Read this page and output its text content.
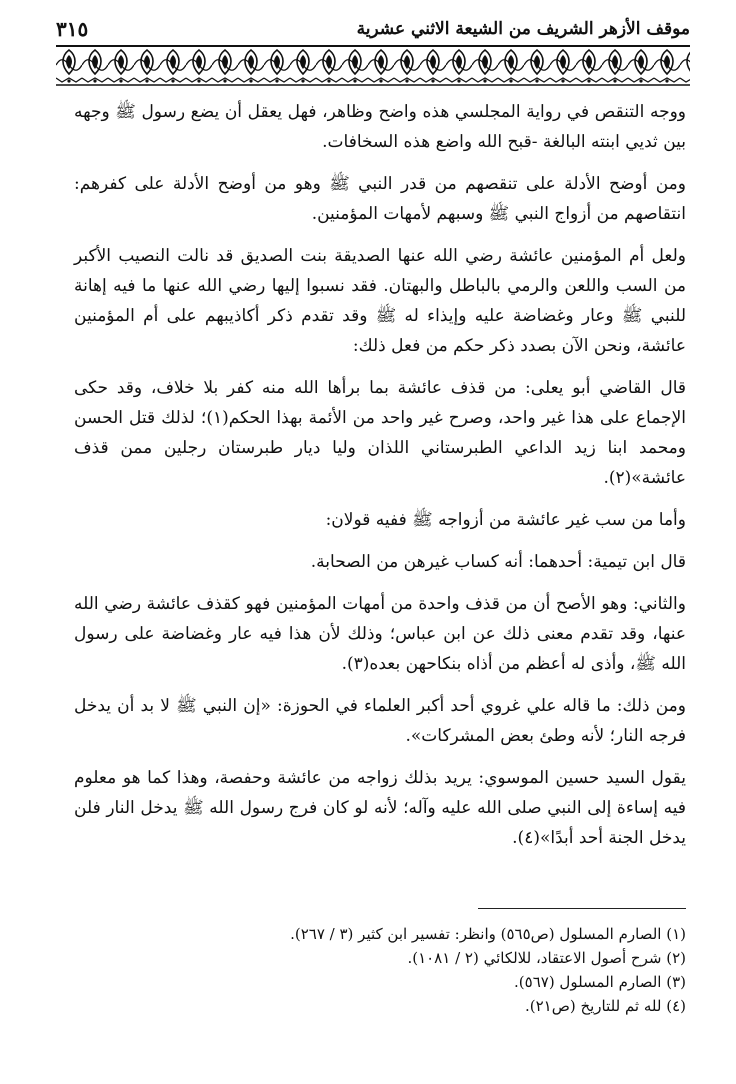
موقف الأزهر الشريف من الشيعة الاثني عشرية
٣١٥

ووجه التنقص في رواية المجلسي هذه واضح وظاهر، فهل يعقل أن يضع رسول ﷺ وجهه بين ثديي ابنته البالغة -قبح الله واضع هذه السخافات.

ومن أوضح الأدلة على تنقصهم من قدر النبي ﷺ وهو من أوضح الأدلة على كفرهم: انتقاصهم من أزواج النبي ﷺ وسبهم لأمهات المؤمنين.

ولعل أم المؤمنين عائشة رضي الله عنها الصديقة بنت الصديق قد نالت النصيب الأكبر من السب واللعن والرمي بالباطل والبهتان. فقد نسبوا إليها رضي الله عنها ما فيه إهانة للنبي ﷺ وعار وغضاضة عليه وإيذاء له ﷺ وقد تقدم ذكر أكاذيبهم على أم المؤمنين عائشة، ونحن الآن بصدد ذكر حكم من فعل ذلك:

قال القاضي أبو يعلى: من قذف عائشة بما برأها الله منه كفر بلا خلاف، وقد حكى الإجماع على هذا غير واحد، وصرح غير واحد من الأئمة بهذا الحكم(١)؛ لذلك قتل الحسن ومحمد ابنا زيد الداعي الطبرستاني اللذان وليا ديار طبرستان رجلين ممن قذف عائشة»(٢).

وأما من سب غير عائشة من أزواجه ﷺ ففيه قولان:

قال ابن تيمية: أحدهما: أنه كساب غيرهن من الصحابة.

والثاني: وهو الأصح أن من قذف واحدة من أمهات المؤمنين فهو كقذف عائشة رضي الله عنها، وقد تقدم معنى ذلك عن ابن عباس؛ وذلك لأن هذا فيه عار وغضاضة على رسول الله ﷺ، وأذى له أعظم من أذاه بنكاحهن بعده(٣).

ومن ذلك: ما قاله علي غروي أحد أكبر العلماء في الحوزة: «إن النبي ﷺ لا بد أن يدخل فرجه النار؛ لأنه وطئ بعض المشركات».

يقول السيد حسين الموسوي: يريد بذلك زواجه من عائشة وحفصة، وهذا كما هو معلوم فيه إساءة إلى النبي صلى الله عليه وآله؛ لأنه لو كان فرج رسول الله ﷺ يدخل النار فلن يدخل الجنة أحد أبدًا»(٤).

(١) الصارم المسلول (ص٥٦٥) وانظر: تفسير ابن كثير (٣ / ٢٦٧).
(٢) شرح أصول الاعتقاد، للالكائي (٢ / ١٠٨١).
(٣) الصارم المسلول (٥٦٧).
(٤) لله ثم للتاريخ (ص٢١).
